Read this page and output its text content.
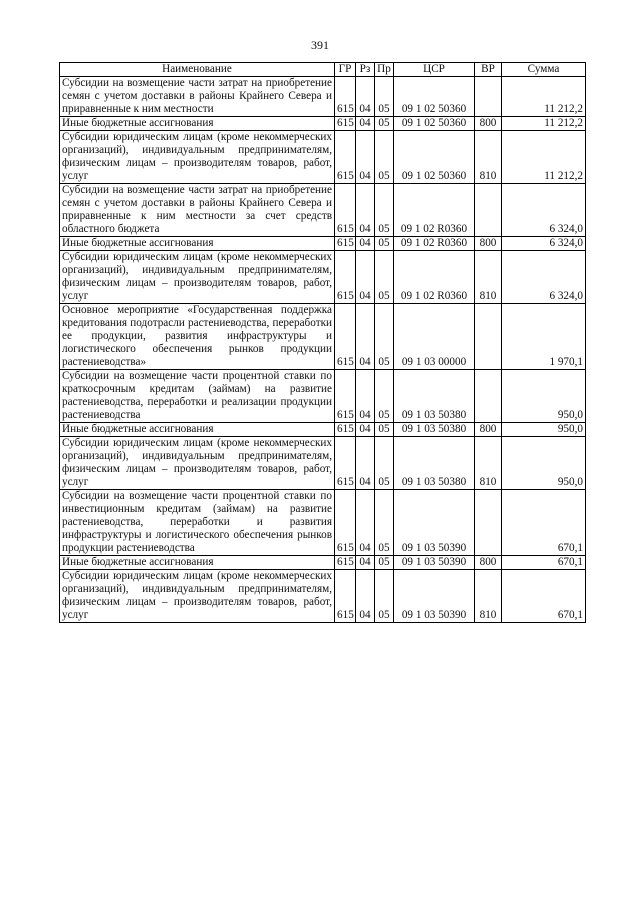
391
Наименование	ГР	Рз	Пр	ЦСР	ВР	Сумма
Субсидии на возмещение части затрат на приобретение семян с учетом доставки в районы Крайнего Севера и приравненные к ним местности	615	04	05	09 1 02 50360		11 212,2
Иные бюджетные ассигнования	615	04	05	09 1 02 50360	800	11 212,2
Субсидии юридическим лицам (кроме некоммерческих организаций), индивидуальным предпринимателям, физическим лицам – производителям товаров, работ, услуг	615	04	05	09 1 02 50360	810	11 212,2
Субсидии на возмещение части затрат на приобретение семян с учетом доставки в районы Крайнего Севера и приравненные к ним местности за счет средств областного бюджета	615	04	05	09 1 02 R0360		6 324,0
Иные бюджетные ассигнования	615	04	05	09 1 02 R0360	800	6 324,0
Субсидии юридическим лицам (кроме некоммерческих организаций), индивидуальным предпринимателям, физическим лицам – производителям товаров, работ, услуг	615	04	05	09 1 02 R0360	810	6 324,0
Основное мероприятие «Государственная поддержка кредитования подотрасли растениеводства, переработки ее продукции, развития инфраструктуры и логистического обеспечения рынков продукции растениеводства»	615	04	05	09 1 03 00000		1 970,1
Субсидии на возмещение части процентной ставки по краткосрочным кредитам (займам) на развитие растениеводства, переработки и реализации продукции растениеводства	615	04	05	09 1 03 50380		950,0
Иные бюджетные ассигнования	615	04	05	09 1 03 50380	800	950,0
Субсидии юридическим лицам (кроме некоммерческих организаций), индивидуальным предпринимателям, физическим лицам – производителям товаров, работ, услуг	615	04	05	09 1 03 50380	810	950,0
Субсидии на возмещение части процентной ставки по инвестиционным кредитам (займам) на развитие растениеводства, переработки и развития инфраструктуры и логистического обеспечения рынков продукции растениеводства	615	04	05	09 1 03 50390		670,1
Иные бюджетные ассигнования	615	04	05	09 1 03 50390	800	670,1
Субсидии юридическим лицам (кроме некоммерческих организаций), индивидуальным предпринимателям, физическим лицам – производителям товаров, работ, услуг	615	04	05	09 1 03 50390	810	670,1
